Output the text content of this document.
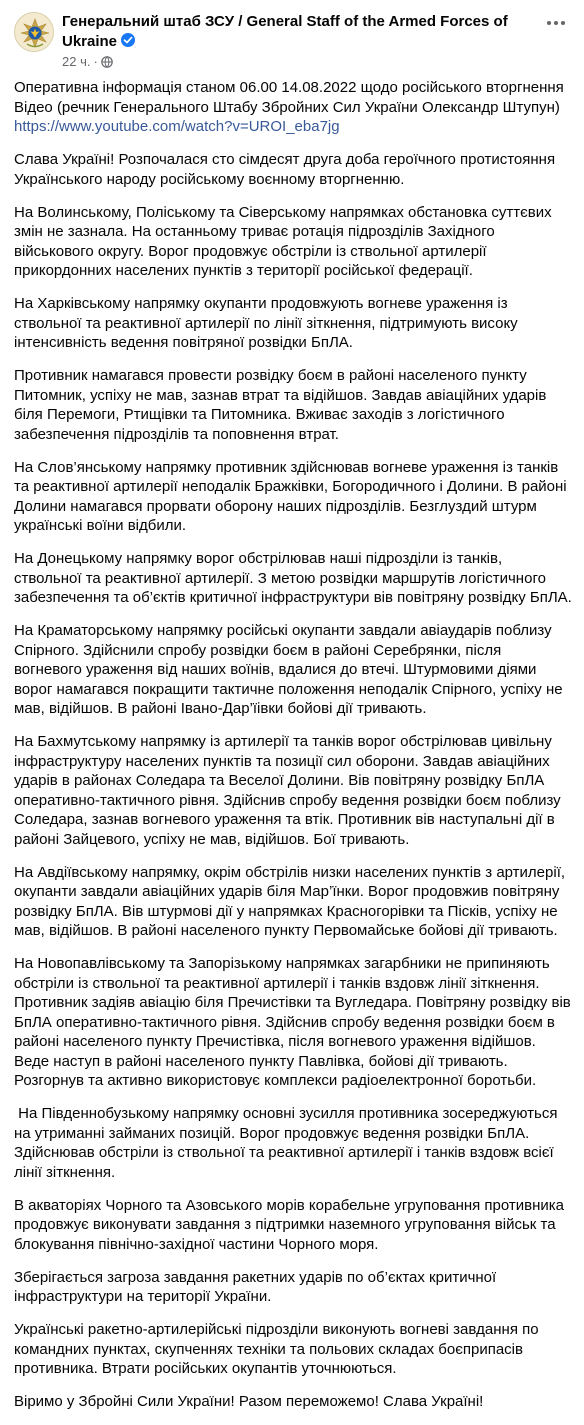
Генеральний штаб ЗСУ / General Staff of the Armed Forces of Ukraine
22 ч. ·

Оперативна інформація станом 06.00 14.08.2022 щодо російського вторгнення
Відео (речник Генерального Штабу Збройних Сил України Олександр Штупун)
https://www.youtube.com/watch?v=UROI_eba7jg

Слава Україні! Розпочалася сто сімдесят друга доба героїчного протистояння Українського народу російському воєнному вторгненню.

На Волинському, Поліському та Сіверському напрямках обстановка суттєвих змін не зазнала. На останньому триває ротація підрозділів Західного військового округу. Ворог продовжує обстріли із ствольної артилерії прикордонних населених пунктів з території російської федерації.

На Харківському напрямку окупанти продовжують вогневе ураження із ствольної та реактивної артилерії по лінії зіткнення, підтримують високу інтенсивність ведення повітряної розвідки БпЛА.

Противник намагався провести розвідку боєм в районі населеного пункту Питомник, успіху не мав, зазнав втрат та відійшов. Завдав авіаційних ударів біля Перемоги, Ртищівки та Питомника. Вживає заходів з логістичного забезпечення підрозділів та поповнення втрат.

На Слов’янському напрямку противник здійснював вогневе ураження із танків та реактивної артилерії неподалік Бражківки, Богородичного і Долини. В районі Долини намагався прорвати оборону наших підрозділів. Безглуздий штурм українські воїни відбили.

На Донецькому напрямку ворог обстрілював наші підрозділи із танків, ствольної та реактивної артилерії. З метою розвідки маршрутів логістичного забезпечення та об’єктів критичної інфраструктури вів повітряну розвідку БпЛА.

На Краматорському напрямку російські окупанти завдали авіаударів поблизу Спірного. Здійснили спробу розвідки боєм в районі Серебрянки, після вогневого ураження від наших воїнів, вдалися до втечі. Штурмовими діями ворог намагався покращити тактичне положення неподалік Спірного, успіху не мав, відійшов. В районі Івано-Дар’їівки бойові дії тривають.

На Бахмутському напрямку із артилерії та танків ворог обстрілював цивільну інфраструктуру населених пунктів та позиції сил оборони. Завдав авіаційних ударів в районах Соледара та Веселої Долини. Вів повітряну розвідку БпЛА оперативно-тактичного рівня. Здійснив спробу ведення розвідки боєм поблизу Соледара, зазнав вогневого ураження та втік. Противник вів наступальні дії в районі Зайцевого, успіху не мав, відійшов. Бої тривають.

На Авдіївському напрямку, окрім обстрілів низки населених пунктів з артилерії, окупанти завдали авіаційних ударів біля Мар’їнки. Ворог продовжив повітряну розвідку БпЛА. Вів штурмові дії у напрямках Красногорівки та Піскiв, успіху не мав, відійшов. В районі населеного пункту Первомайське бойові дії тривають.

На Новопавлівському та Запорізькому напрямках загарбники не припиняють обстріли із ствольної та реактивної артилерії і танків вздовж лінії зіткнення. Противник задіяв авіацію біля Пречистівки та Вугледара. Повітряну розвідку вів БпЛА оперативно-тактичного рівня. Здійснив спробу ведення розвідки боєм в районі населеного пункту Пречистівка, після вогневого ураження відійшов. Веде наступ в районі населеного пункту Павлівка, бойові дії тривають. Розгорнув та активно використовує комплекси радіоелектронної боротьби.

На Південнобузькому напрямку основні зусилля противника зосереджуються на утриманні займаних позицій. Ворог продовжує ведення розвідки БпЛА. Здійснював обстріли із ствольної та реактивної артилерії і танків вздовж всієї лінії зіткнення.

В акваторіях Чорного та Азовського морів корабельне угруповання противника продовжує виконувати завдання з підтримки наземного угруповання військ та блокування північно-західної частини Чорного моря.

Зберігається загроза завдання ракетних ударів по об’єктах критичної інфраструктури на території України.

Українські ракетно-артилерійські підрозділи виконують вогневі завдання по командних пунктах, скупченнях техніки та польових складах боєприпасів противника. Втрати російських окупантів уточнюються.

Віримо у Збройні Сили України! Разом переможемо! Слава Україні!
